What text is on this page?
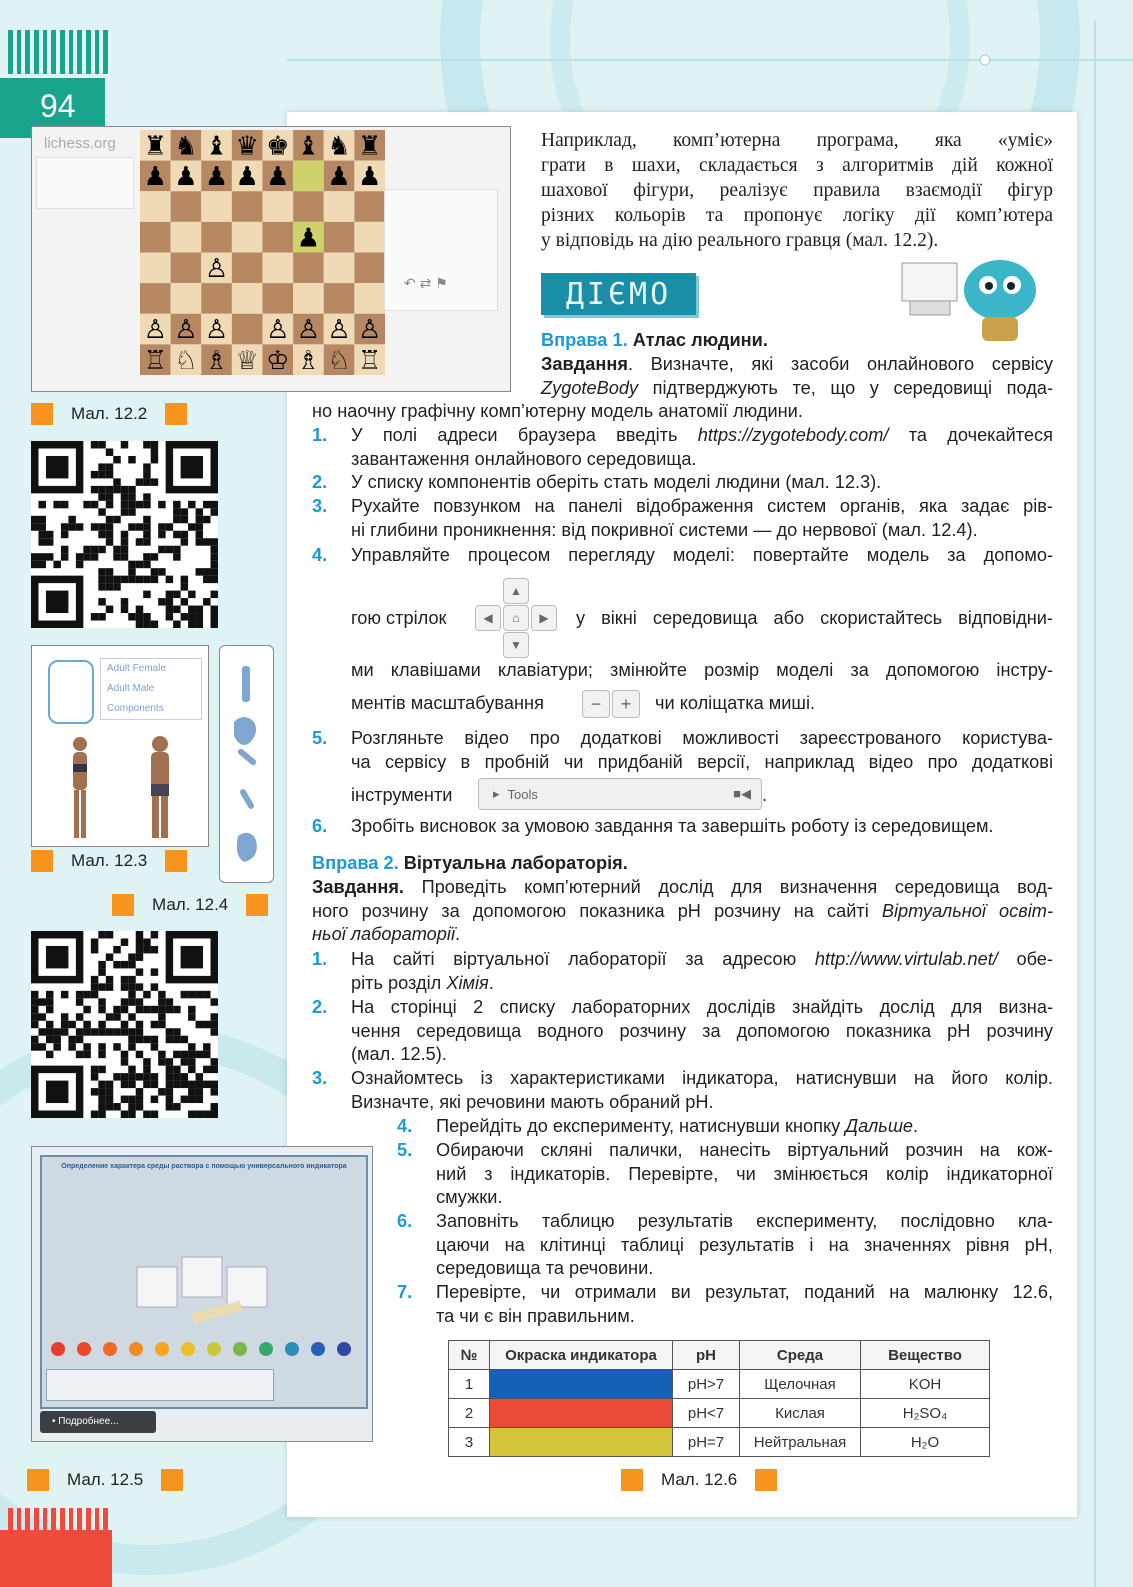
94
lichess.org
↶ ⇄ ⚑
Мал. 12.2
Adult Female
Adult Male
Components
Мал. 12.3
Мал. 12.4
Определение характера среды раствора с помощью универсального индикатора
• Подробнее...
Мал. 12.5
Наприклад, комп’ютерна програма, яка «уміє»
грати в шахи, складається з алгоритмів дій кожної
шахової фігури, реалізує правила взаємодії фігур
різних кольорів та пропонує логіку дії комп’ютера
у відповідь на дію реального гравця (мал. 12.2).
ДІЄМО
Вправа 1. Атлас людини.
Завдання. Визначте, які засоби онлайнового сервісу
ZygoteBody підтверджують те, що у середовищі пода-
но наочну графічну комп’ютерну модель анатомії людини.
1. У полі адреси браузера введіть https://zygotebody.com/ та дочекайтеся
завантаження онлайнового середовища.
2. У списку компонентів оберіть стать моделі людини (мал. 12.3).
3. Рухайте повзунком на панелі відображення систем органів, яка задає рів-
ні глибини проникнення: від покривної системи — до нервової (мал. 12.4).
4. Управляйте процесом перегляду моделі: повертайте модель за допомо-
гою стрілок
▲
◀	⌂	▶
▼
у вікні середовища або скористайтесь відповідни-
ми клавішами клавіатури; змінюйте розмір моделі за допомогою інстру-
ментів масштабування	−	+	чи коліщатка миші.
5. Розгляньте відео про додаткові можливості зареєстрованого користува-
ча сервісу в пробній чи придбаній версії, наприклад відео про додаткові
інструменти	▸ Tools	■◀ .
6. Зробіть висновок за умовою завдання та завершіть роботу із середовищем.
Вправа 2. Віртуальна лабораторія.
Завдання. Проведіть комп’ютерний дослід для визначення середовища вод-
ного розчину за допомогою показника pH розчину на сайті Віртуальної освіт-
ньої лабораторії.
1. На сайті віртуальної лабораторії за адресою http://www.virtulab.net/ обе-
ріть розділ Хімія.
2. На сторінці 2 списку лабораторних дослідів знайдіть дослід для визна-
чення середовища водного розчину за допомогою показника pH розчину
(мал. 12.5).
3. Ознайомтесь із характеристиками індикатора, натиснувши на його колір.
Визначте, які речовини мають обраний pH.
4. Перейдіть до експерименту, натиснувши кнопку Дальше.
5. Обираючи скляні палички, нанесіть віртуальний розчин на кож-
ний з індикаторів. Перевірте, чи змінюється колір індикаторної
смужки.
6. Заповніть таблицю результатів експерименту, послідовно кла-
цаючи на клітинці таблиці результатів і на значеннях рівня pH,
середовища та речовини.
7. Перевірте, чи отримали ви результат, поданий на малюнку 12.6,
та чи є він правильним.
№	Окраска индикатора	pH	Среда	Вещество
1		pH>7	Щелочная	KOH
2		pH<7	Кислая	H₂SO₄
3		pH=7	Нейтральная	H₂O
Мал. 12.6
